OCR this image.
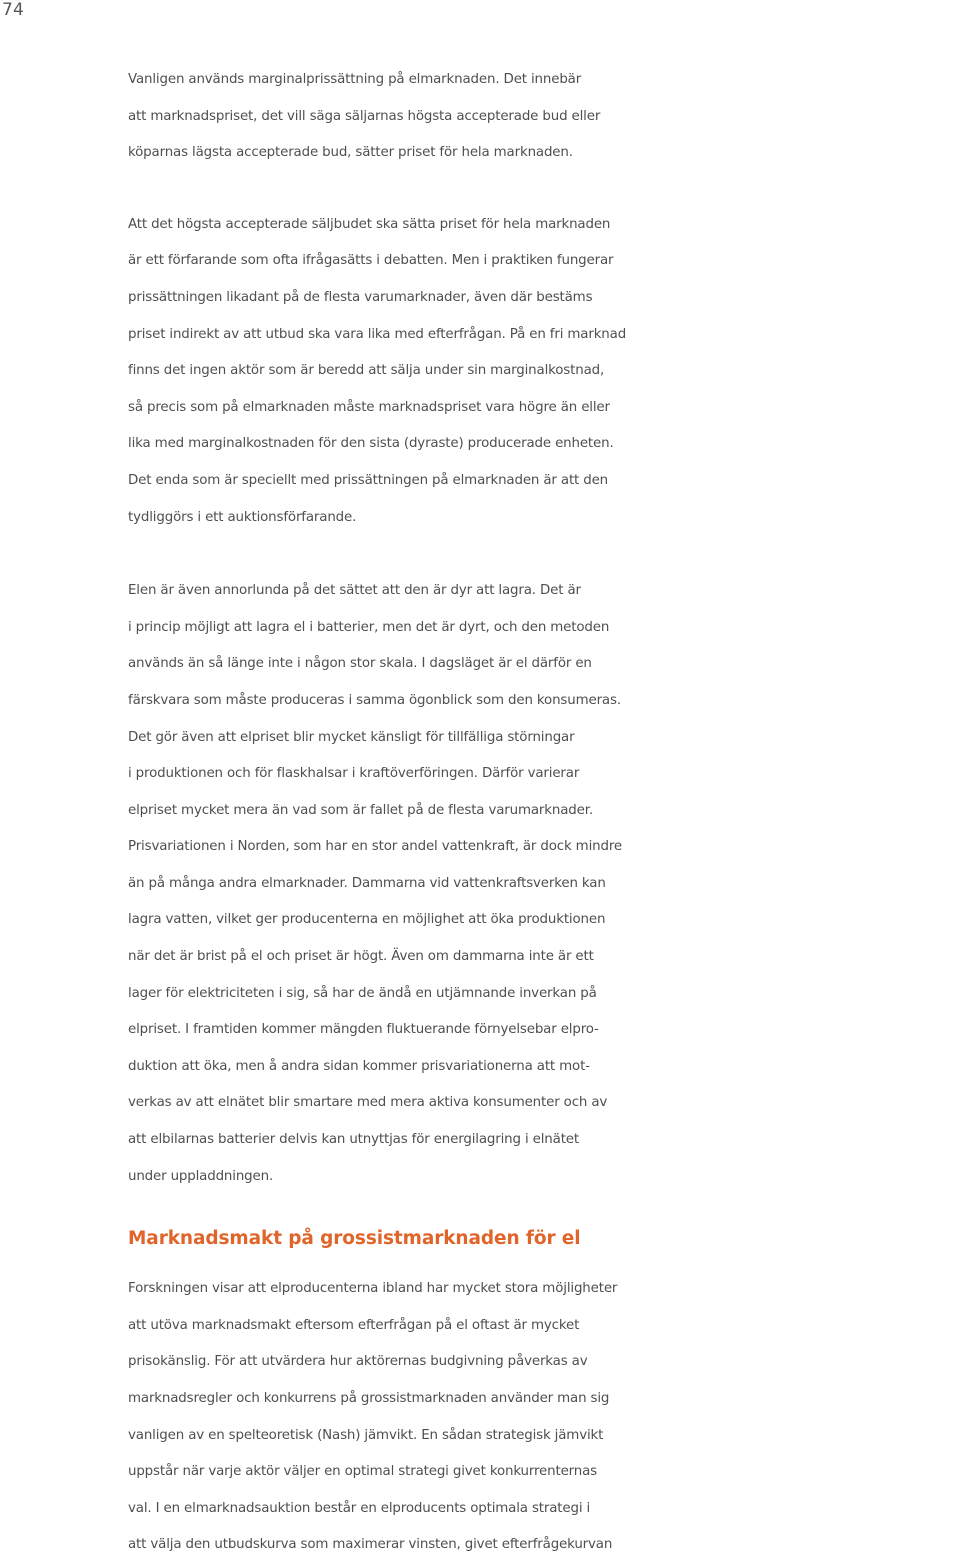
74
Vanligen används marginalprissättning på elmarknaden. Det innebär
att marknadspriset, det vill säga säljarnas högsta accepterade bud eller
köparnas lägsta accepterade bud, sätter priset för hela marknaden.
Att det högsta accepterade säljbudet ska sätta priset för hela marknaden
är ett förfarande som ofta ifrågasätts i debatten. Men i praktiken fungerar
prissättningen likadant på de flesta varumarknader, även där bestäms
priset indirekt av att utbud ska vara lika med efterfrågan. På en fri marknad
finns det ingen aktör som är beredd att sälja under sin marginalkostnad,
så precis som på elmarknaden måste marknadspriset vara högre än eller
lika med marginalkostnaden för den sista (dyraste) producerade enheten.
Det enda som är speciellt med prissättningen på elmarknaden är att den
tydliggörs i ett auktionsförfarande.
Elen är även annorlunda på det sättet att den är dyr att lagra. Det är
i princip möjligt att lagra el i batterier, men det är dyrt, och den metoden
används än så länge inte i någon stor skala. I dagsläget är el därför en
färskvara som måste produceras i samma ögonblick som den konsumeras.
Det gör även att elpriset blir mycket känsligt för tillfälliga störningar
i produktionen och för flaskhalsar i kraftöverföringen. Därför varierar
elpriset mycket mera än vad som är fallet på de flesta varumarknader.
Prisvariationen i Norden, som har en stor andel vattenkraft, är dock mindre
än på många andra elmarknader. Dammarna vid vattenkraftsverken kan
lagra vatten, vilket ger producenterna en möjlighet att öka produktionen
när det är brist på el och priset är högt. Även om dammarna inte är ett
lager för elektriciteten i sig, så har de ändå en utjämnande inverkan på
elpriset. I framtiden kommer mängden fluktuerande förnyelsebar elpro-
duktion att öka, men å andra sidan kommer prisvariationerna att mot-
verkas av att elnätet blir smartare med mera aktiva konsumenter och av
att elbilarnas batterier delvis kan utnyttjas för energilagring i elnätet
under uppladdningen.
Marknadsmakt på grossistmarknaden för el
Forskningen visar att elproducenterna ibland har mycket stora möjligheter
att utöva marknadsmakt eftersom efterfrågan på el oftast är mycket
prisokänslig. För att utvärdera hur aktörernas budgivning påverkas av
marknadsregler och konkurrens på grossistmarknaden använder man sig
vanligen av en spelteoretisk (Nash) jämvikt. En sådan strategisk jämvikt
uppstår när varje aktör väljer en optimal strategi givet konkurrenternas
val. I en elmarknadsauktion består en elproducents optimala strategi i
att välja den utbudskurva som maximerar vinsten, givet efterfrågekurvan
